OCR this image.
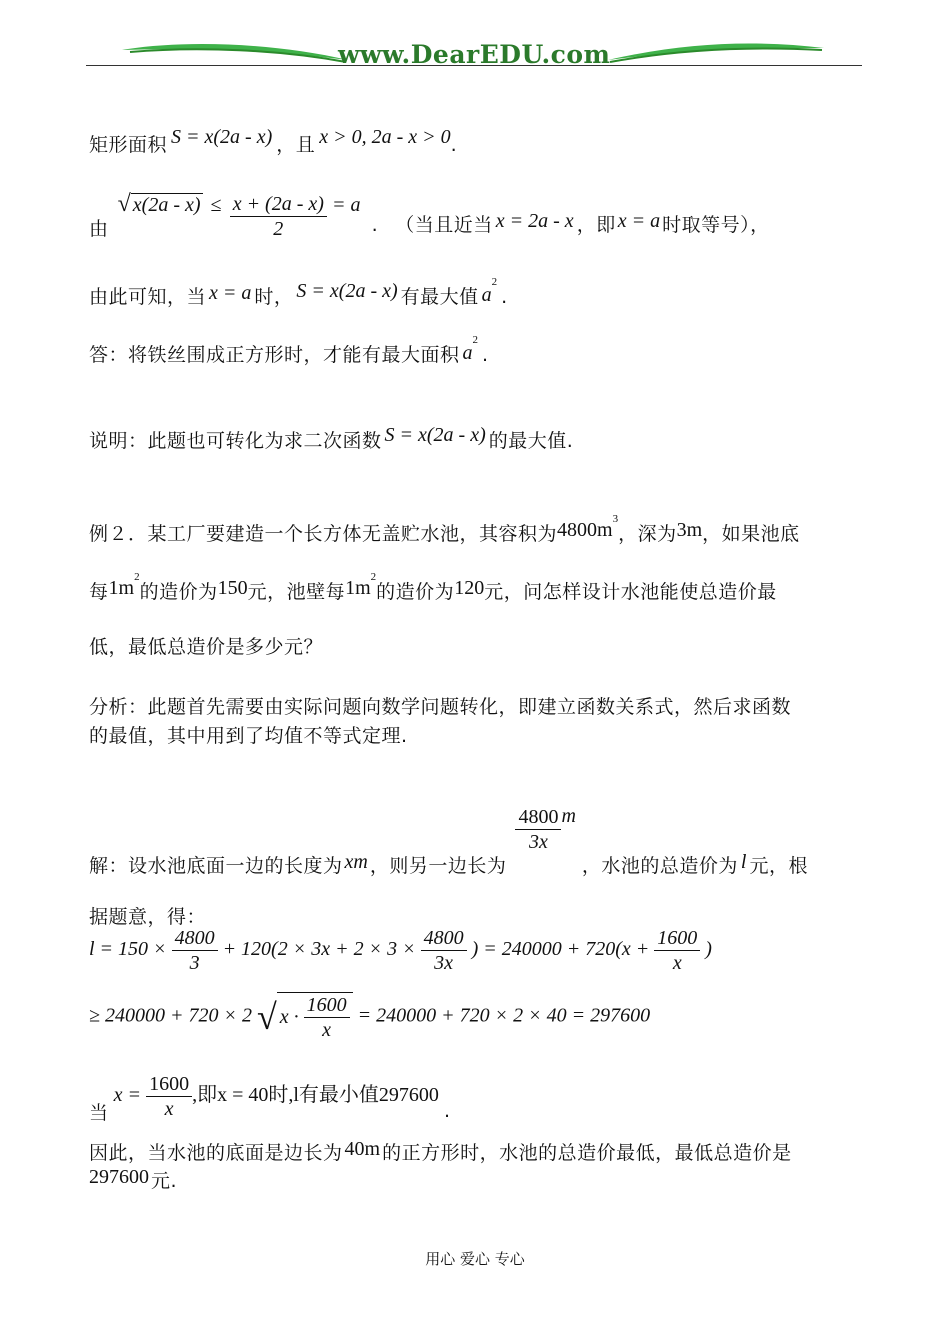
www.DearEDU.com
矩形面积 S = x(2a - x) ，且 x > 0, 2a - x > 0.
由 √ $x(2a - x) \le \frac{x + (2a - x)}{2} = a$ . （当且近当 x = 2a - x ，即 x = a 时取等号），
由此可知，当 x = a 时， S = x(2a - x) 有最大值 $a^2$.
答：将铁丝围成正方形时，才能有最大面积 $a^2$.
说明：此题也可转化为求二次函数 S = x(2a - x) 的最大值.
例２．某工厂要建造一个长方体无盖贮水池，其容积为$4800m^3$，深为3m，如果池底
每$1m^2$的造价为150元，池壁每$1m^2$的造价为120元，问怎样设计水池能使总造价最
低，最低总造价是多少元？
分析：此题首先需要由实际问题向数学问题转化，即建立函数关系式，然后求函数
的最值，其中用到了均值不等式定理.
解：设水池底面一边的长度为 xm ，则另一边长为
$\frac{4800}{3x}$ m，水池的总造价为 l 元，根
据题意，得：
$l = 150 \times \frac{4800}{3} + 120(2 \times 3x + 2 \times 3 \times \frac{4800}{3x}$ ) = $240000 + 720(x + \frac{1600}{x}$ )
≥ 240000 + 720 × 2 √ $x \cdot \frac{1600}{x} = 240000 + 720 \times 2 \times 40 = 297600$
当 $x = \frac{1600}{x}$ ,即x = 40时,l有最小值297600 .
因此，当水池的底面是边长为 40m 的正方形时，水池的总造价最低，最低总造价是
297600 元.
用心 爱心 专心
